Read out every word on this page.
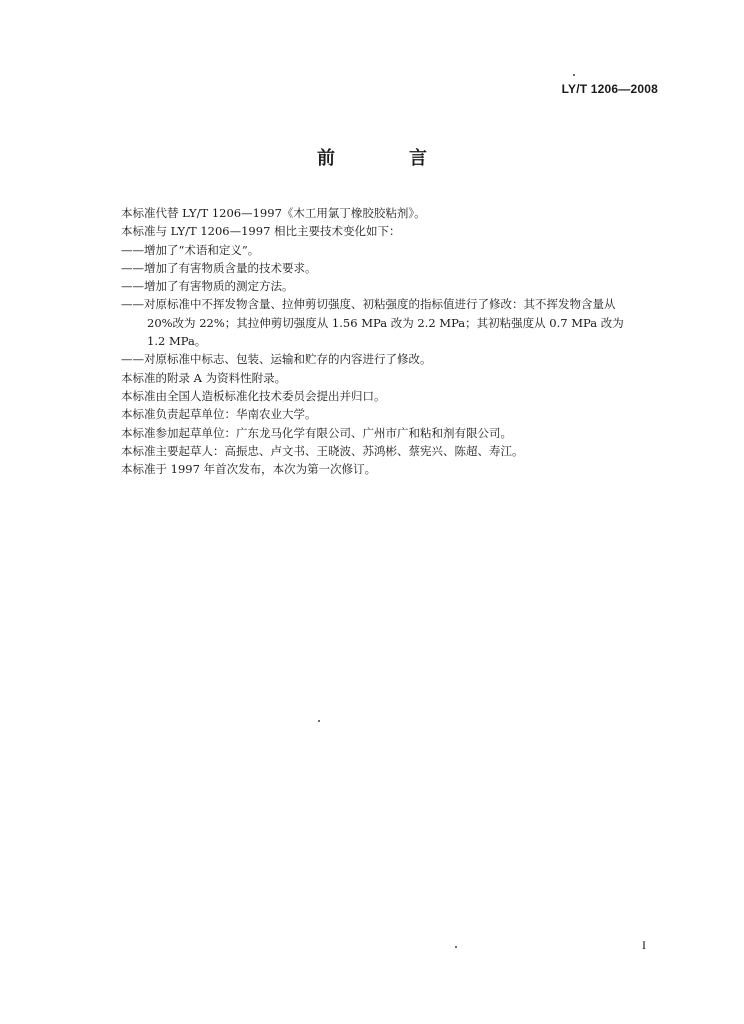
LY/T 1206—2008
前　言

本标准代替 LY/T 1206—1997《木工用氯丁橡胶胶粘剂》。

本标准与 LY/T 1206—1997 相比主要技术变化如下：

——增加了“术语和定义”。

——增加了有害物质含量的技术要求。

——增加了有害物质的测定方法。

——对原标准中不挥发物含量、拉伸剪切强度、初粘强度的指标值进行了修改：其不挥发物含量从
20%改为 22%；其拉伸剪切强度从 1.56 MPa 改为 2.2 MPa；其初粘强度从 0.7 MPa 改为
1.2 MPa。

——对原标准中标志、包装、运输和贮存的内容进行了修改。

本标准的附录 A 为资料性附录。

本标准由全国人造板标准化技术委员会提出并归口。

本标准负责起草单位：华南农业大学。

本标准参加起草单位：广东龙马化学有限公司、广州市广和粘和剂有限公司。

本标准主要起草人：高振忠、卢文书、王晓波、苏鸿彬、蔡宪兴、陈超、寿江。

本标准于 1997 年首次发布，本次为第一次修订。

I
